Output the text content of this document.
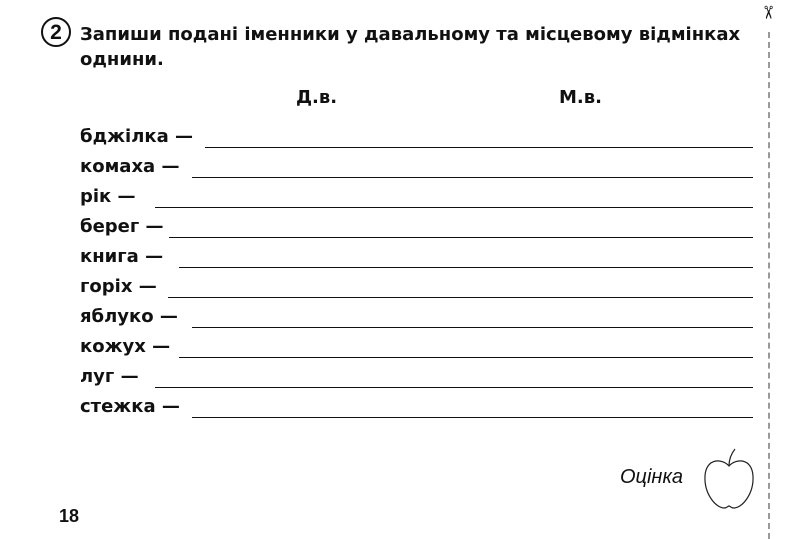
2	Запиши подані іменники у давальному та місцевому відмінках
однини.
Д.в.	М.в.
бджілка —
комаха —
рік —
берег —
книга —
горіх —
яблуко —
кожух —
луг —
стежка —
✂
Оцінка
18
